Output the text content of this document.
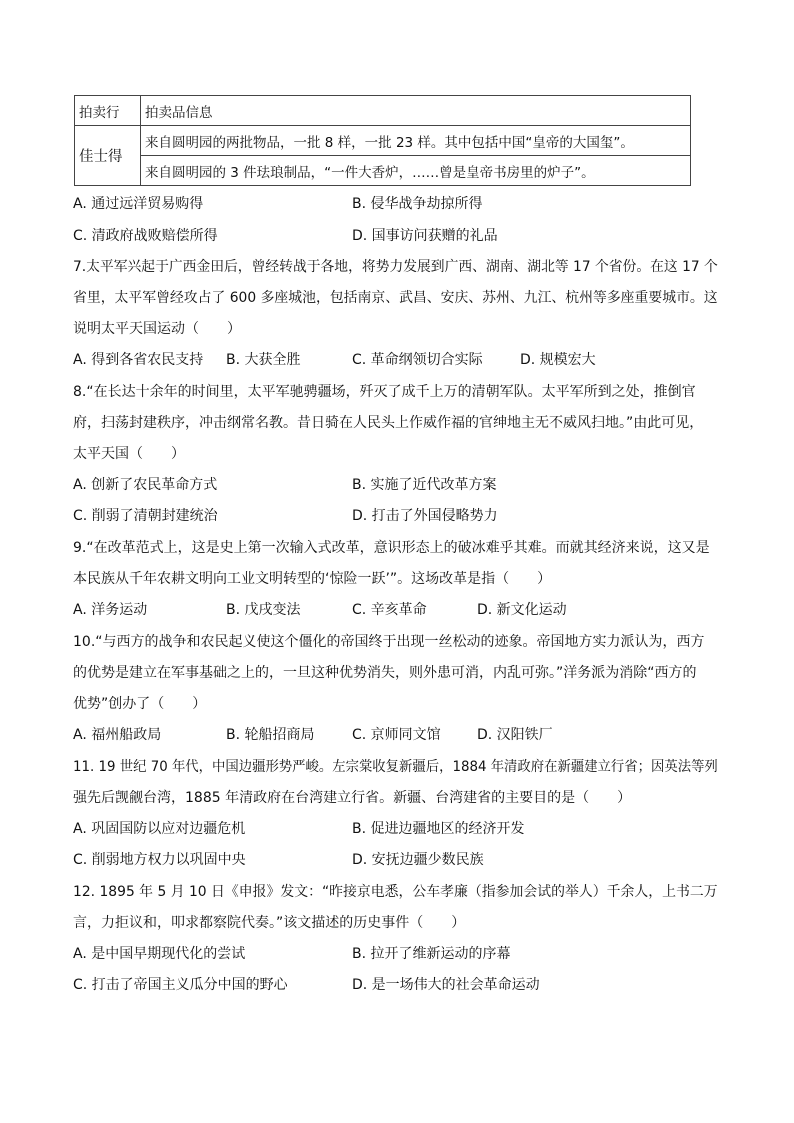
拍卖行	拍卖品信息
佳士得	来自圆明园的两批物品，一批 8 样，一批 23 样。其中包括中国“皇帝的大国玺”。
	来自圆明园的 3 件珐琅制品，“一件大香炉，……曾是皇帝书房里的炉子”。
A. 通过远洋贸易购得	B. 侵华战争劫掠所得
C. 清政府战败赔偿所得	D. 国事访问获赠的礼品
7.太平军兴起于广西金田后，曾经转战于各地，将势力发展到广西、湖南、湖北等 17 个省份。在这 17 个
省里，太平军曾经攻占了 600 多座城池，包括南京、武昌、安庆、苏州、九江、杭州等多座重要城市。这
说明太平天国运动（　　）
A. 得到各省农民支持 B. 大获全胜	C. 革命纲领切合实际	D. 规模宏大
8.“在长达十余年的时间里，太平军驰骋疆场，歼灭了成千上万的清朝军队。太平军所到之处，推倒官
府，扫荡封建秩序，冲击纲常名教。昔日骑在人民头上作威作福的官绅地主无不威风扫地。”由此可见，
太平天国（　　）
A. 创新了农民革命方式	B. 实施了近代改革方案
C. 削弱了清朝封建统治	D. 打击了外国侵略势力
9.“在改革范式上，这是史上第一次输入式改革，意识形态上的破冰难乎其难。而就其经济来说，这又是
本民族从千年农耕文明向工业文明转型的‘惊险一跃’”。这场改革是指（　　）
A. 洋务运动	B. 戊戌变法	C. 辛亥革命	D. 新文化运动
10.“与西方的战争和农民起义使这个僵化的帝国终于出现一丝松动的迹象。帝国地方实力派认为，西方
的优势是建立在军事基础之上的，一旦这种优势消失，则外患可消，内乱可弥。”洋务派为消除“西方的
优势”创办了（　　）
A. 福州船政局	B. 轮船招商局	C. 京师同文馆	D. 汉阳铁厂
11. 19 世纪 70 年代，中国边疆形势严峻。左宗棠收复新疆后，1884 年清政府在新疆建立行省；因英法等列
强先后觊觎台湾，1885 年清政府在台湾建立行省。新疆、台湾建省的主要目的是（　　）
A. 巩固国防以应对边疆危机	B. 促进边疆地区的经济开发
C. 削弱地方权力以巩固中央	D. 安抚边疆少数民族
12. 1895 年 5 月 10 日《申报》发文：“昨接京电悉，公车孝廉（指参加会试的举人）千余人，上书二万
言，力拒议和，叩求都察院代奏。”该文描述的历史事件（　　）
A. 是中国早期现代化的尝试	B. 拉开了维新运动的序幕
C. 打击了帝国主义瓜分中国的野心	D. 是一场伟大的社会革命运动
